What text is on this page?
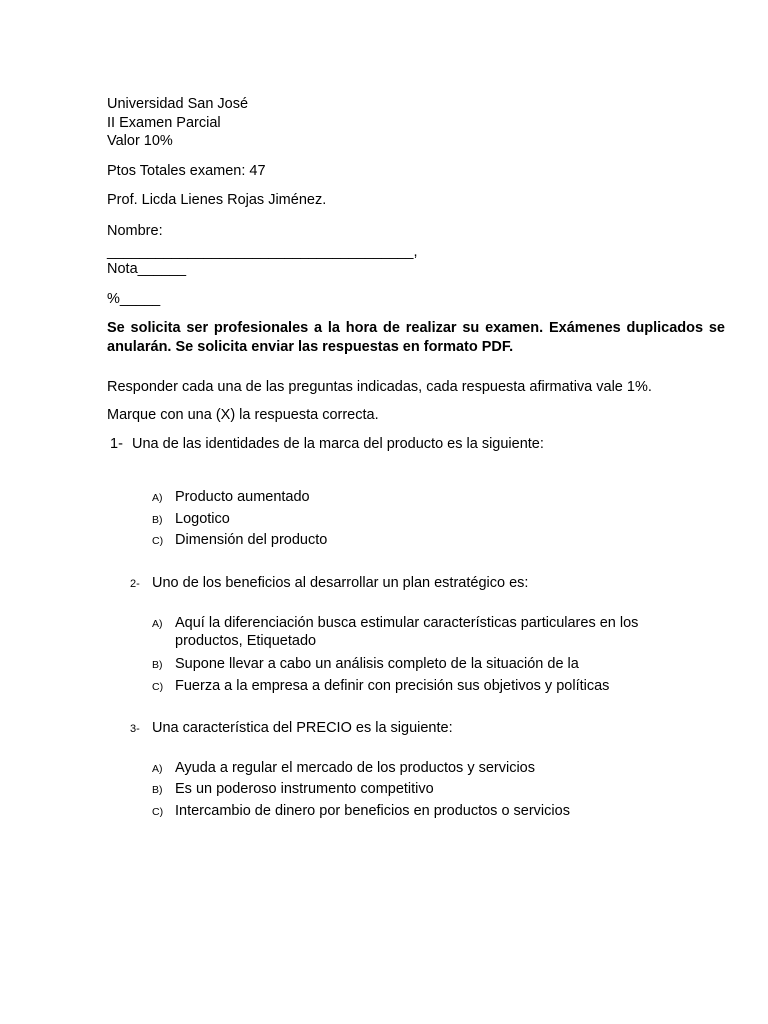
Universidad San José
II Examen Parcial
Valor 10%
Ptos Totales examen: 47
Prof. Licda Lienes Rojas Jiménez.
Nombre:
______________________________________,
Nota______
%_____
Se solicita ser profesionales a la hora de realizar su examen. Exámenes duplicados se anularán. Se solicita enviar las respuestas en formato PDF.
Responder cada una de las preguntas indicadas, cada respuesta afirmativa vale 1%.
Marque con una (X) la respuesta correcta.
1- Una de las identidades de la marca del producto es la siguiente:
A) Producto aumentado
B) Logotico
C) Dimensión del producto
2- Uno de los beneficios al desarrollar un plan estratégico es:
A) Aquí la diferenciación busca estimular características particulares en los productos, Etiquetado
B) Supone llevar a cabo un análisis completo de la situación de la
C) Fuerza a la empresa a definir con precisión sus objetivos y políticas
3- Una característica del PRECIO es la siguiente:
A) Ayuda a regular el mercado de los productos y servicios
B) Es un poderoso instrumento competitivo
C) Intercambio de dinero por beneficios en productos o servicios
